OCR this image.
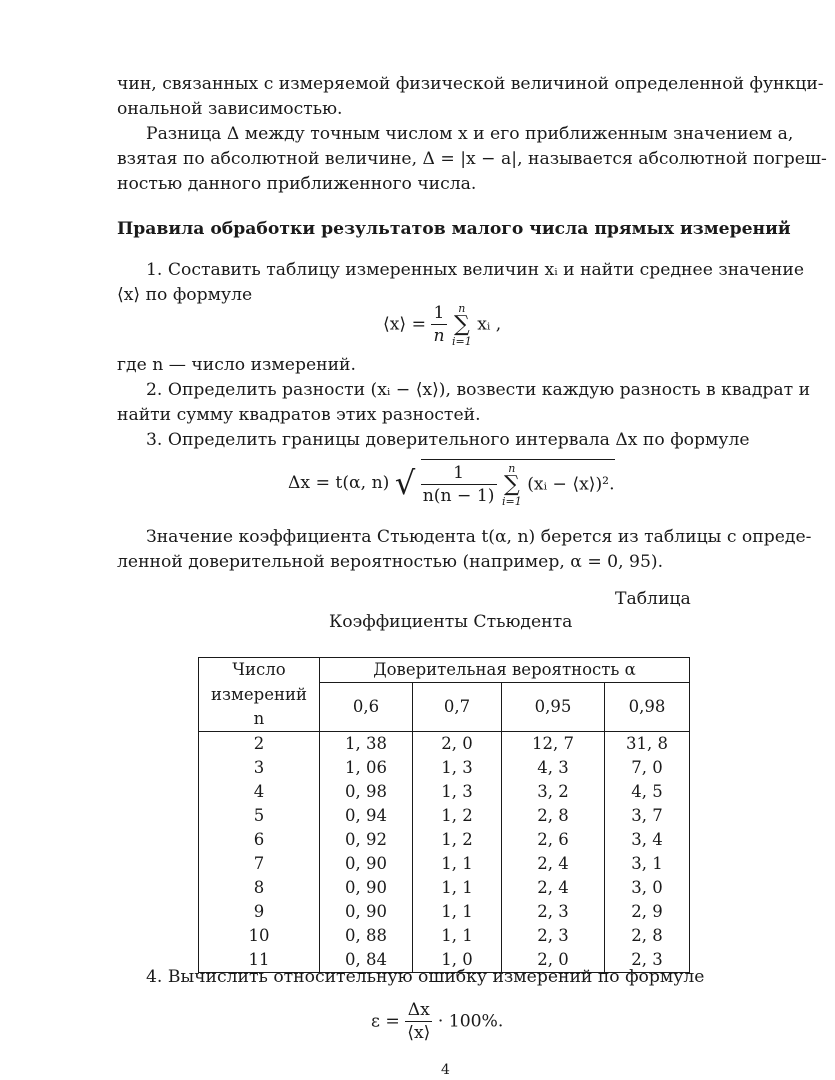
чин, связанных с измеряемой физической величиной определенной функци-
ональной зависимостью.
Разница Δ между точным числом x и его приближенным значением a,
взятая по абсолютной величине, Δ = |x − a|, называется абсолютной погреш-
ностью данного приближенного числа.
Правила обработки результатов малого числа прямых измерений
1. Составить таблицу измеренных величин xᵢ и найти среднее значение
⟨x⟩ по формуле
⟨x⟩ = $\frac{1}{n}$
	n
∑
i=1
xᵢ ,
где n — число измерений.
2. Определить разности (xᵢ − ⟨x⟩), возвести каждую разность в квадрат и
найти сумму квадратов этих разностей.
3. Определить границы доверительного интервала Δx по формуле
Δx = t(α, n) √ $\frac{1}{n(n - 1)}$
	n
∑
i=1
(xᵢ − ⟨x⟩)².
Значение коэффициента Стьюдента t(α, n) берется из таблицы с опреде-
ленной доверительной вероятностью (например, α = 0, 95).
Таблица
Коэффициенты Стьюдента
Число	Доверительная вероятность α			
измерений n	0,6	0,7	0,95	0,98
2	1, 38	2, 0	12, 7	31, 8
3	1, 06	1, 3	4, 3	7, 0
4	0, 98	1, 3	3, 2	4, 5
5	0, 94	1, 2	2, 8	3, 7
6	0, 92	1, 2	2, 6	3, 4
7	0, 90	1, 1	2, 4	3, 1
8	0, 90	1, 1	2, 4	3, 0
9	0, 90	1, 1	2, 3	2, 9
10	0, 88	1, 1	2, 3	2, 8
11	0, 84	1, 0	2, 0	2, 3
4. Вычислить относительную ошибку измерений по формуле
$\varepsilon = \frac{\Delta x}{⟨x⟩} \cdot 100\%$.
4
